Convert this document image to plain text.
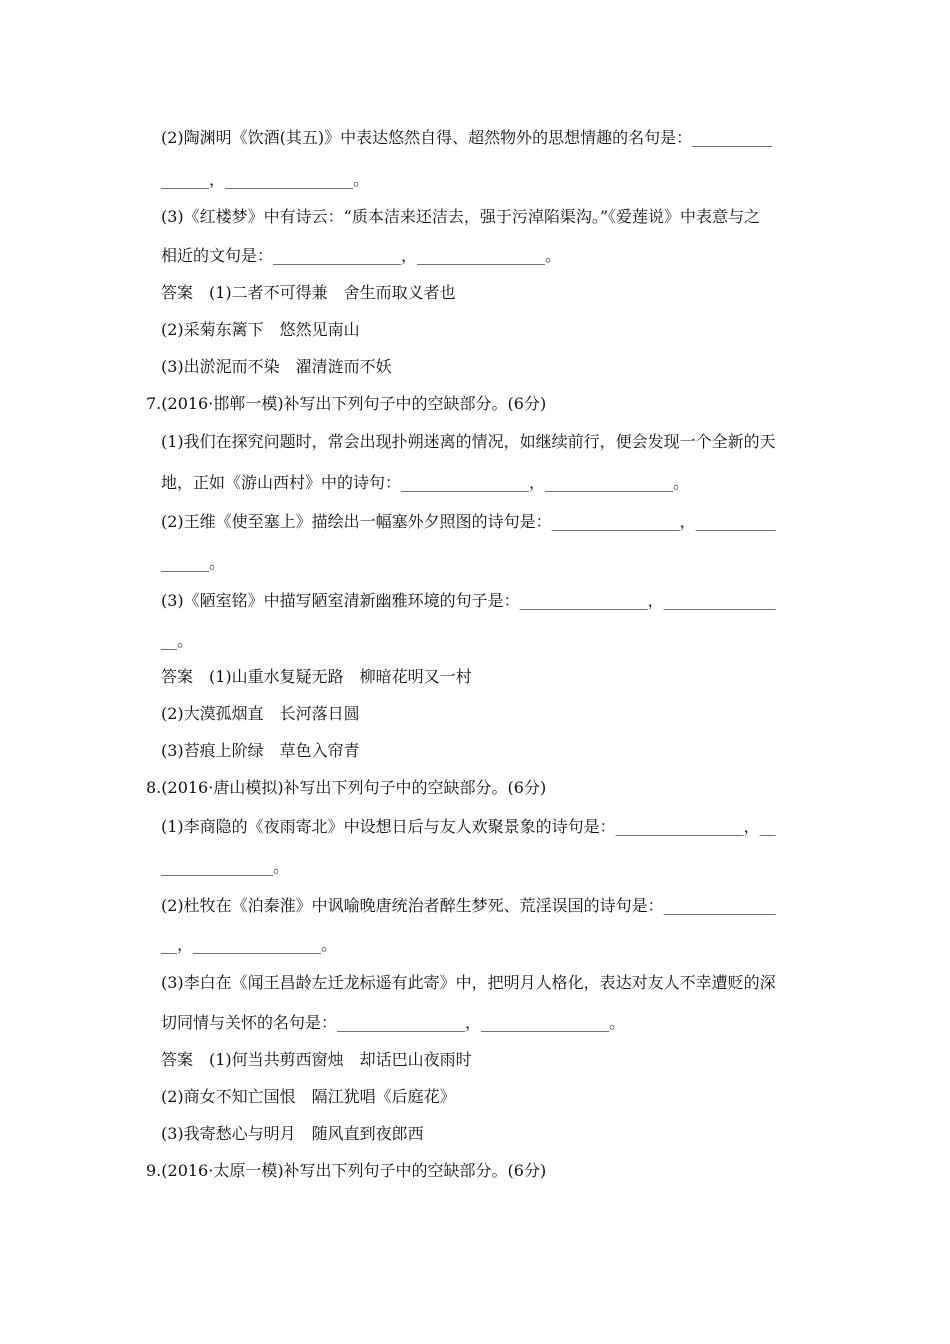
(2)陶渊明《饮酒(其五)》中表达悠然自得、超然物外的思想情趣的名句是：__________
______，________________。
(3)《红楼梦》中有诗云：“质本洁来还洁去，强于污淖陷渠沟。”《爱莲说》中表意与之
相近的文句是：________________，________________。
答案　(1)二者不可得兼　舍生而取义者也
(2)采菊东篱下　悠然见南山
(3)出淤泥而不染　濯清涟而不妖
7.(2016·邯郸一模)补写出下列句子中的空缺部分。(6分)
(1)我们在探究问题时，常会出现扑朔迷离的情况，如继续前行，便会发现一个全新的天
地，正如《游山西村》中的诗句：________________，________________。
(2)王维《使至塞上》描绘出一幅塞外夕照图的诗句是：________________，__________
______。
(3)《陋室铭》中描写陋室清新幽雅环境的句子是：________________，______________
__。
答案　(1)山重水复疑无路　柳暗花明又一村
(2)大漠孤烟直　长河落日圆
(3)苔痕上阶绿　草色入帘青
8.(2016·唐山模拟)补写出下列句子中的空缺部分。(6分)
(1)李商隐的《夜雨寄北》中设想日后与友人欢聚景象的诗句是：________________，__
______________。
(2)杜牧在《泊秦淮》中讽喻晚唐统治者醉生梦死、荒淫误国的诗句是：______________
__，________________。
(3)李白在《闻王昌龄左迁龙标遥有此寄》中，把明月人格化，表达对友人不幸遭贬的深
切同情与关怀的名句是：________________，________________。
答案　(1)何当共剪西窗烛　却话巴山夜雨时
(2)商女不知亡国恨　隔江犹唱《后庭花》
(3)我寄愁心与明月　随风直到夜郎西
9.(2016·太原一模)补写出下列句子中的空缺部分。(6分)
